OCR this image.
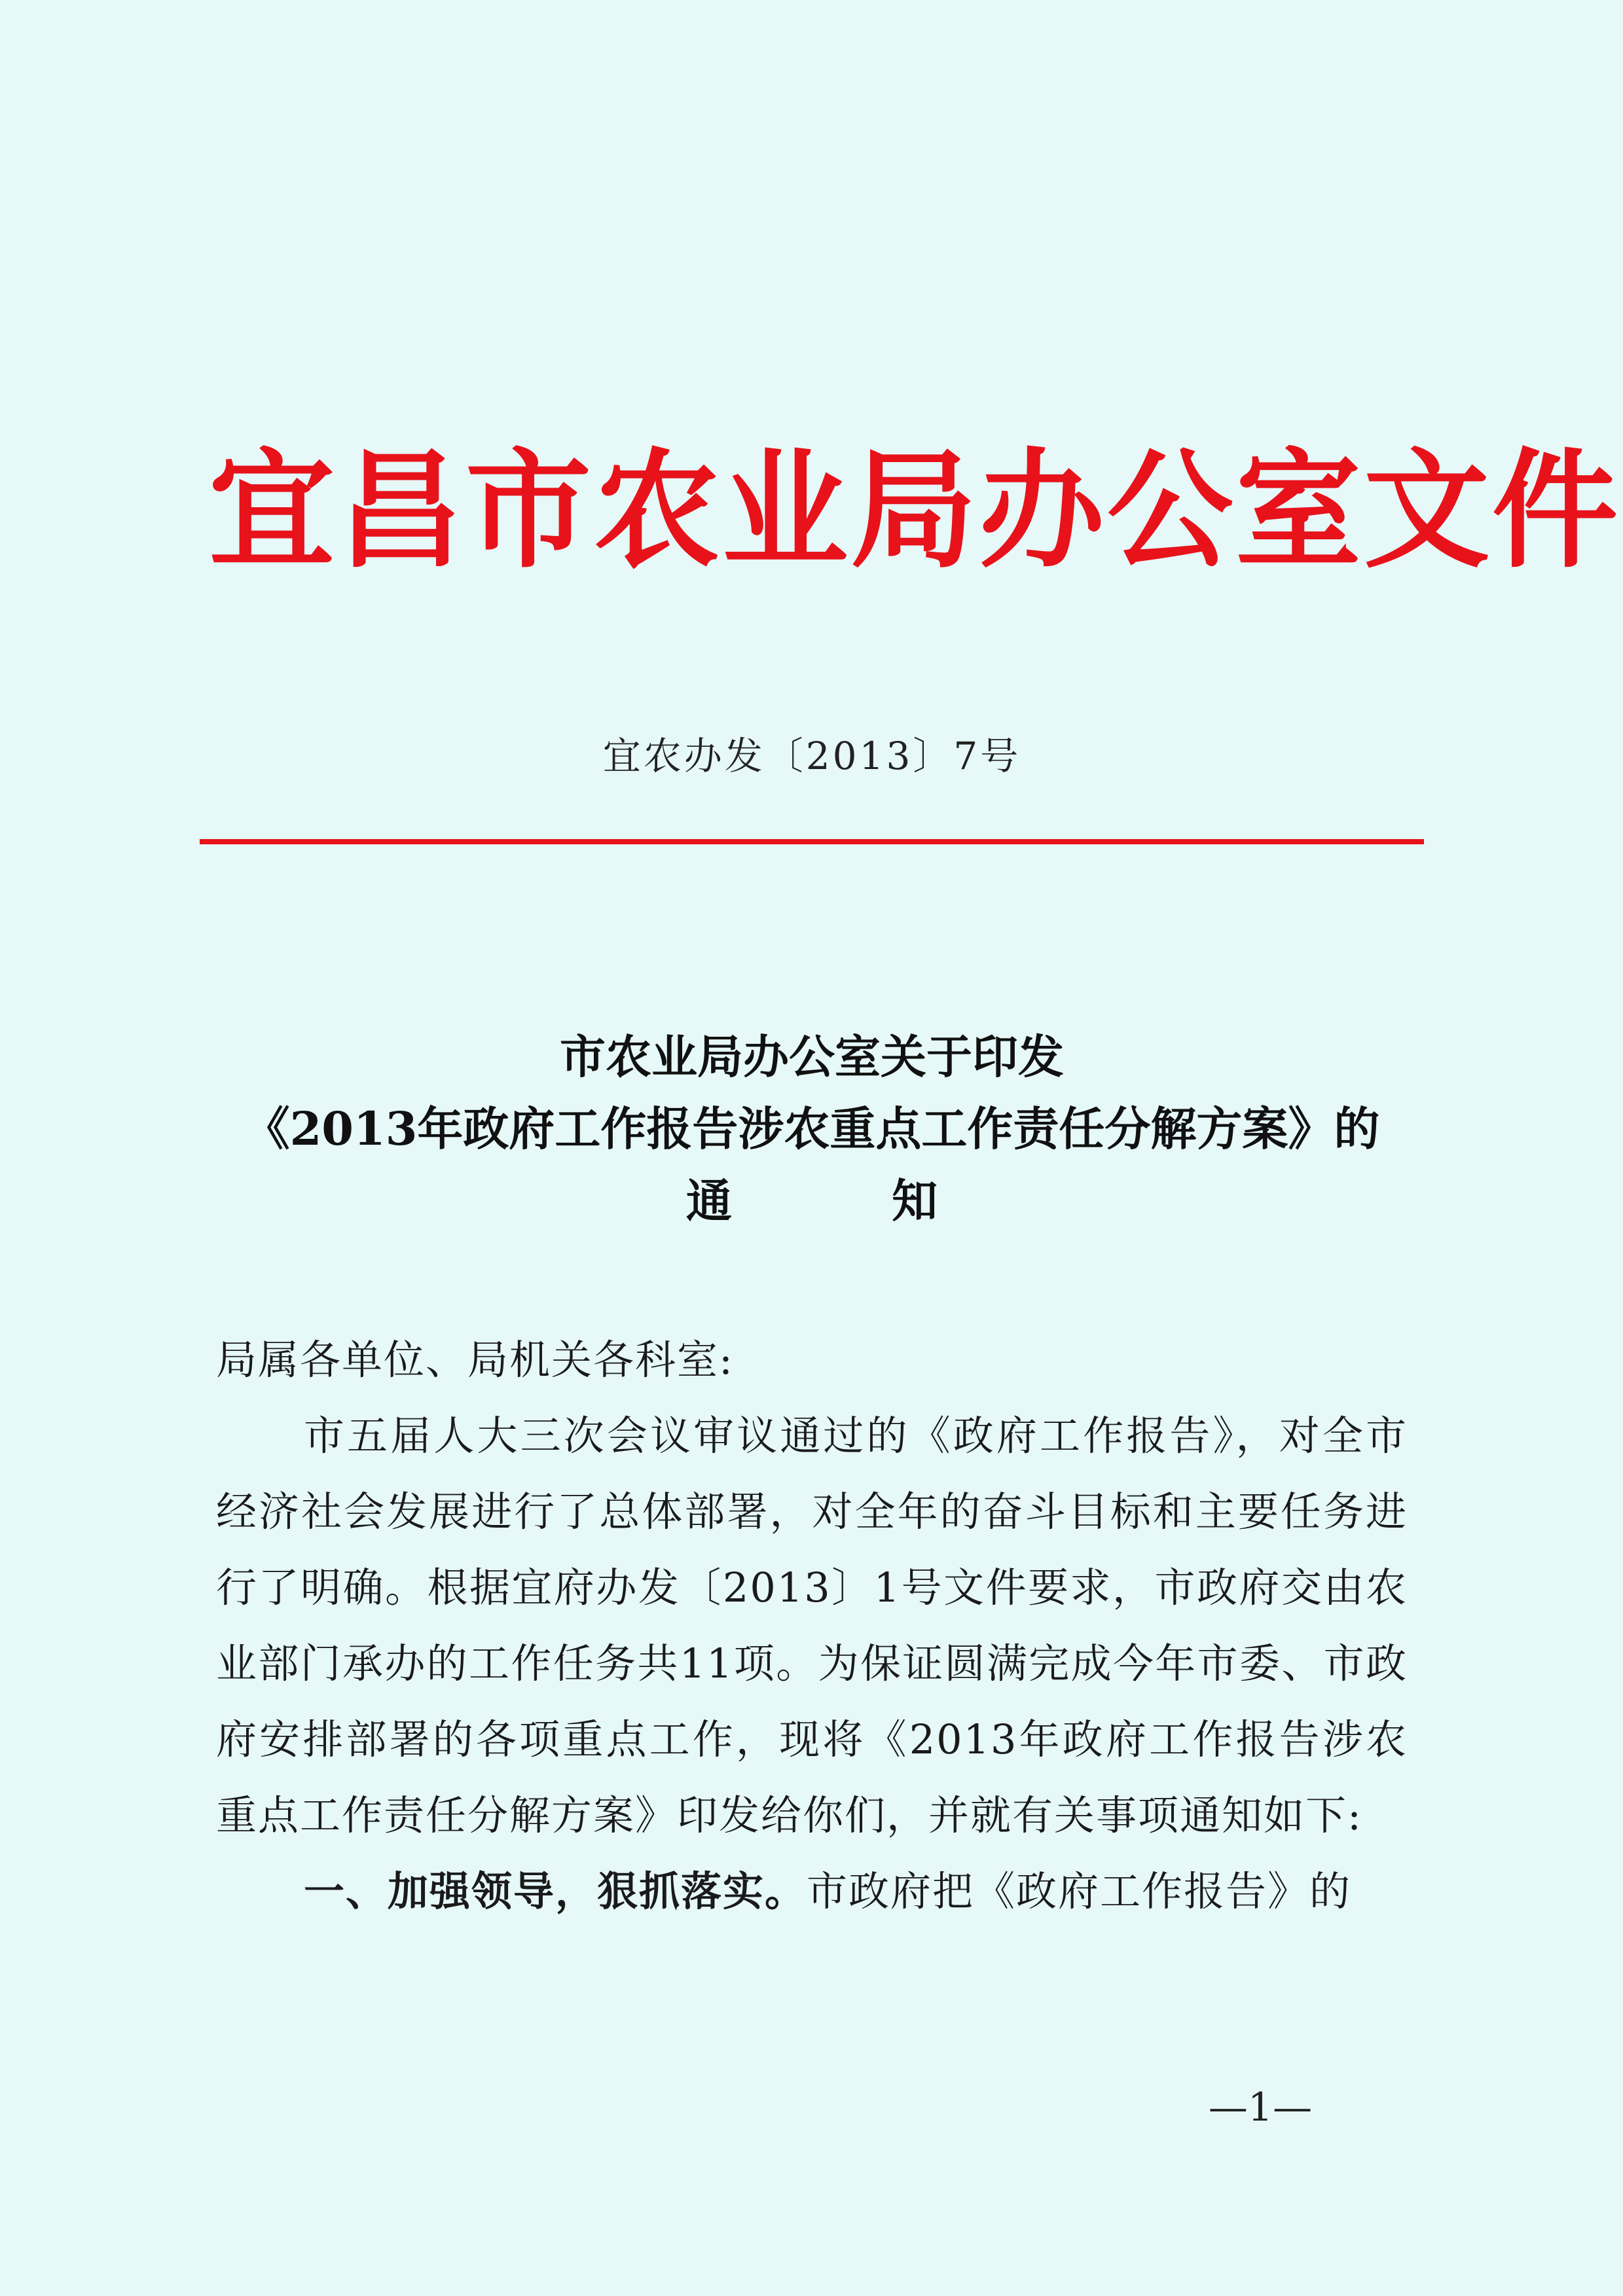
宜昌市农业局办公室文件
宜农办发〔2013〕7号
市农业局办公室关于印发
《2013年政府工作报告涉农重点工作责任分解方案》的
通 知
局属各单位、局机关各科室:
市五届人大三次会议审议通过的《政府工作报告》，对全市经济社会发展进行了总体部署，对全年的奋斗目标和主要任务进行了明确。根据宜府办发〔2013〕1号文件要求，市政府交由农业部门承办的工作任务共11项。为保证圆满完成今年市委、市政府安排部署的各项重点工作，现将《2013年政府工作报告涉农重点工作责任分解方案》印发给你们，并就有关事项通知如下:
一、加强领导，狠抓落实。市政府把《政府工作报告》的
—1—
